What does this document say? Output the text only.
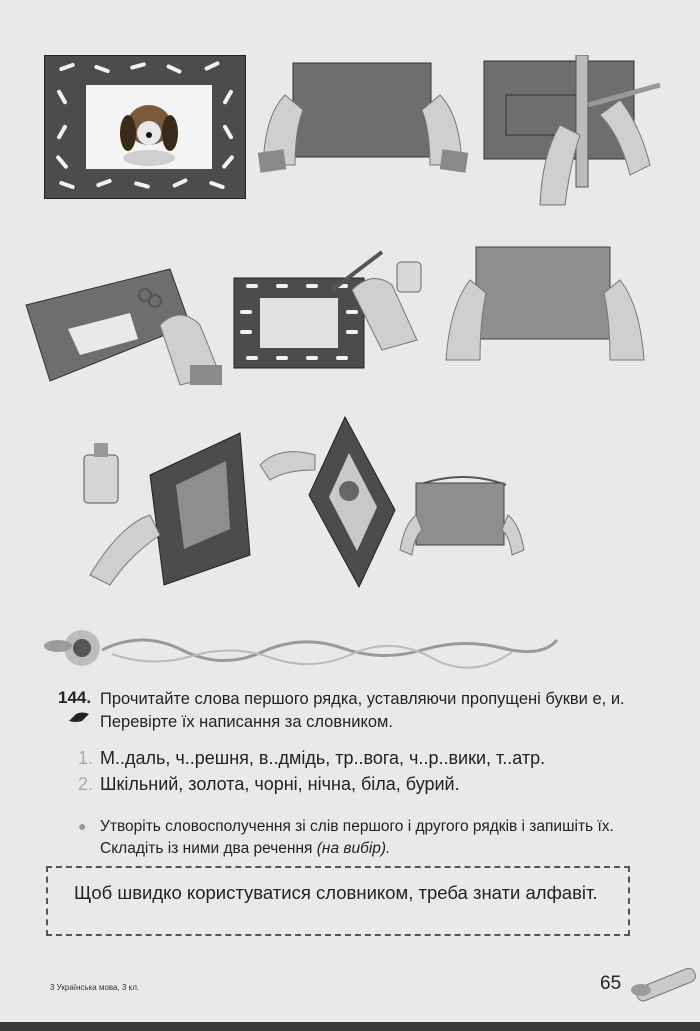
144. Прочитайте слова першого рядка, уставляючи пропущені букви е, и. Перевірте їх написання за словником.
1. М..даль, ч..решня, в..дмідь, тр..вога, ч..р..вики, т..атр.
2. Шкільний, золота, чорні, нічна, біла, бурий.
● Утворіть словосполучення зі слів першого і другого рядків і запишіть їх. Складіть із ними два речення (на вибір).
Щоб швидко користуватися словником, треба знати алфавіт.
3 Українська мова, 3 кл.	65
